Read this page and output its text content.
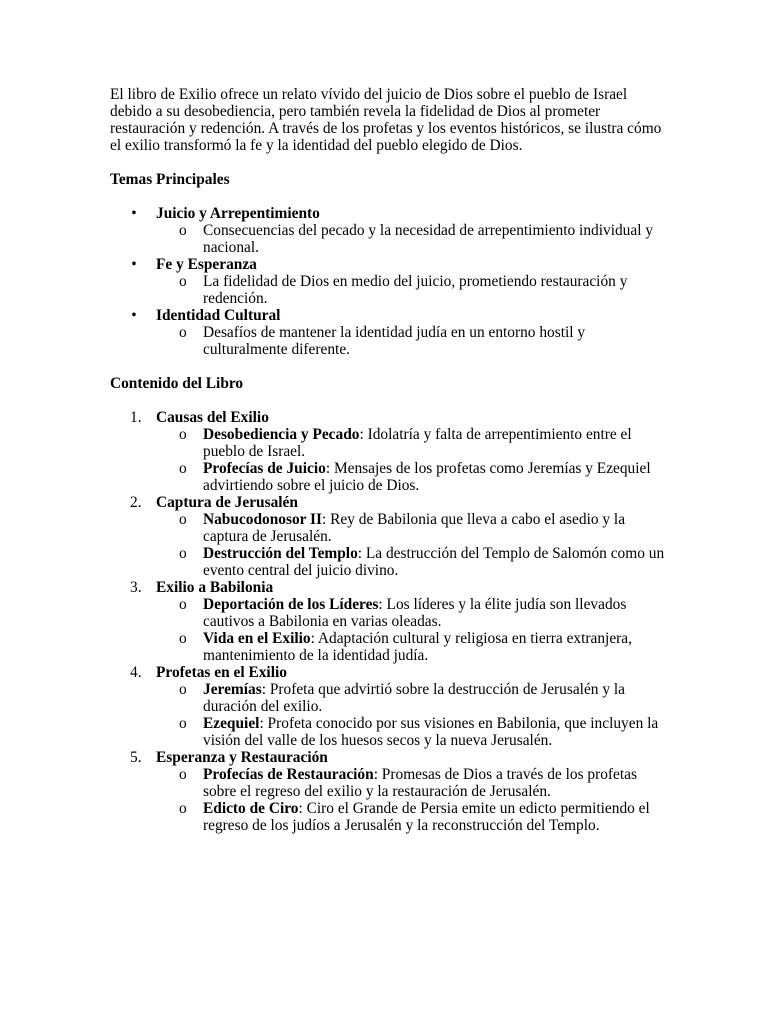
El libro de Exilio ofrece un relato vívido del juicio de Dios sobre el pueblo de Israel debido a su desobediencia, pero también revela la fidelidad de Dios al prometer restauración y redención. A través de los profetas y los eventos históricos, se ilustra cómo el exilio transformó la fe y la identidad del pueblo elegido de Dios.

Temas Principales

• Juicio y Arrepentimiento
o Consecuencias del pecado y la necesidad de arrepentimiento individual y nacional.
• Fe y Esperanza
o La fidelidad de Dios en medio del juicio, prometiendo restauración y redención.
• Identidad Cultural
o Desafíos de mantener la identidad judía en un entorno hostil y culturalmente diferente.

Contenido del Libro

1. Causas del Exilio
o Desobediencia y Pecado: Idolatría y falta de arrepentimiento entre el pueblo de Israel.
o Profecías de Juicio: Mensajes de los profetas como Jeremías y Ezequiel advirtiendo sobre el juicio de Dios.
2. Captura de Jerusalén
o Nabucodonosor II: Rey de Babilonia que lleva a cabo el asedio y la captura de Jerusalén.
o Destrucción del Templo: La destrucción del Templo de Salomón como un evento central del juicio divino.
3. Exilio a Babilonia
o Deportación de los Líderes: Los líderes y la élite judía son llevados cautivos a Babilonia en varias oleadas.
o Vida en el Exilio: Adaptación cultural y religiosa en tierra extranjera, mantenimiento de la identidad judía.
4. Profetas en el Exilio
o Jeremías: Profeta que advirtió sobre la destrucción de Jerusalén y la duración del exilio.
o Ezequiel: Profeta conocido por sus visiones en Babilonia, que incluyen la visión del valle de los huesos secos y la nueva Jerusalén.
5. Esperanza y Restauración
o Profecías de Restauración: Promesas de Dios a través de los profetas sobre el regreso del exilio y la restauración de Jerusalén.
o Edicto de Ciro: Ciro el Grande de Persia emite un edicto permitiendo el regreso de los judíos a Jerusalén y la reconstrucción del Templo.
